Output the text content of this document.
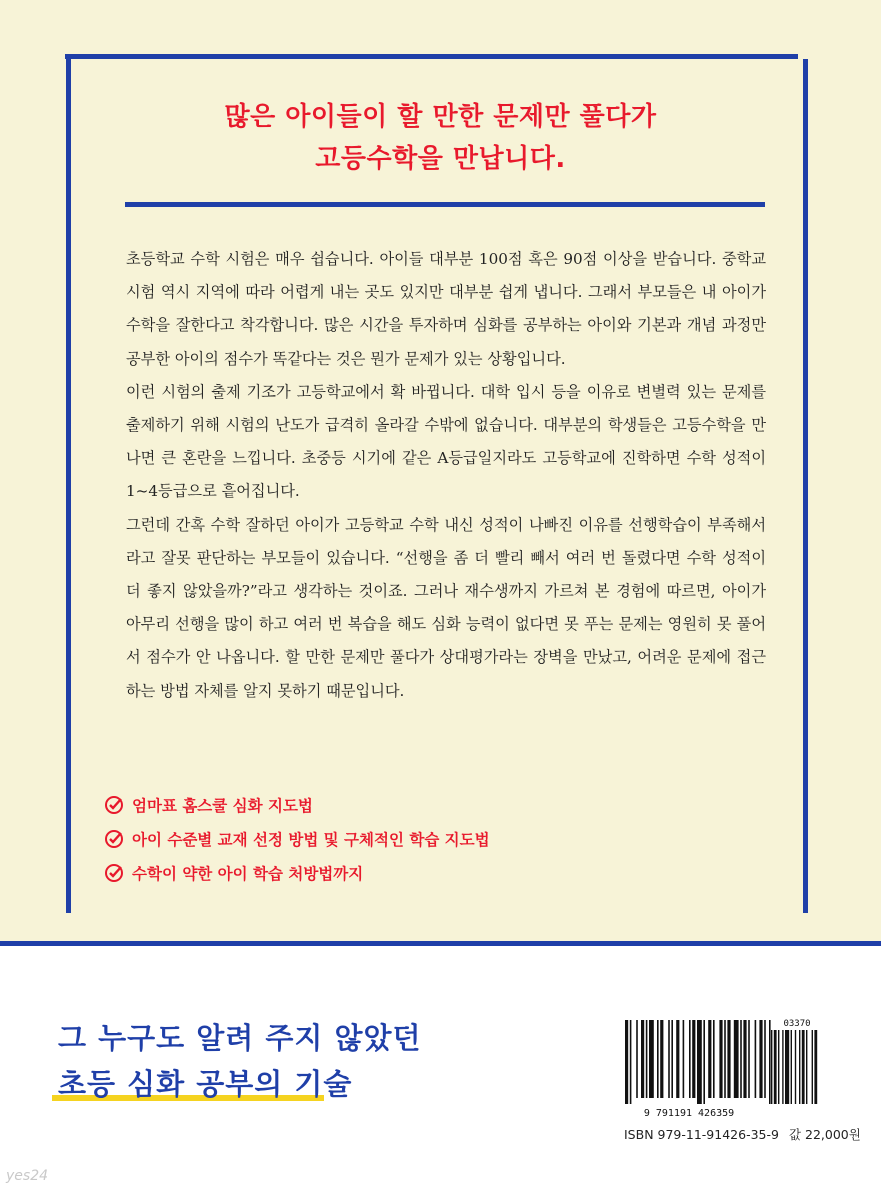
많은 아이들이 할 만한 문제만 풀다가
고등수학을 만납니다.

초등학교 수학 시험은 매우 쉽습니다. 아이들 대부분 100점 혹은 90점 이상을 받습니다. 중학교 시험 역시 지역에 따라 어렵게 내는 곳도 있지만 대부분 쉽게 냅니다. 그래서 부모들은 내 아이가 수학을 잘한다고 착각합니다. 많은 시간을 투자하며 심화를 공부하는 아이와 기본과 개념 과정만 공부한 아이의 점수가 똑같다는 것은 뭔가 문제가 있는 상황입니다.

이런 시험의 출제 기조가 고등학교에서 확 바뀝니다. 대학 입시 등을 이유로 변별력 있는 문제를 출제하기 위해 시험의 난도가 급격히 올라갈 수밖에 없습니다. 대부분의 학생들은 고등수학을 만나면 큰 혼란을 느낍니다. 초중등 시기에 같은 A등급일지라도 고등학교에 진학하면 수학 성적이 1~4등급으로 흩어집니다.

그런데 간혹 수학 잘하던 아이가 고등학교 수학 내신 성적이 나빠진 이유를 선행학습이 부족해서라고 잘못 판단하는 부모들이 있습니다. “선행을 좀 더 빨리 빼서 여러 번 돌렸다면 수학 성적이 더 좋지 않았을까?”라고 생각하는 것이죠. 그러나 재수생까지 가르쳐 본 경험에 따르면, 아이가 아무리 선행을 많이 하고 여러 번 복습을 해도 심화 능력이 없다면 못 푸는 문제는 영원히 못 풀어서 점수가 안 나옵니다. 할 만한 문제만 풀다가 상대평가라는 장벽을 만났고, 어려운 문제에 접근하는 방법 자체를 알지 못하기 때문입니다.

엄마표 홈스쿨 심화 지도법
아이 수준별 교재 선정 방법 및 구체적인 학습 지도법
수학이 약한 아이 학습 처방법까지
그 누구도 알려 주지 않았던
초등 심화 공부의 기술
03370
9 791191 426359
ISBN 979-11-91426-35-9 값 22,000원
yes24
